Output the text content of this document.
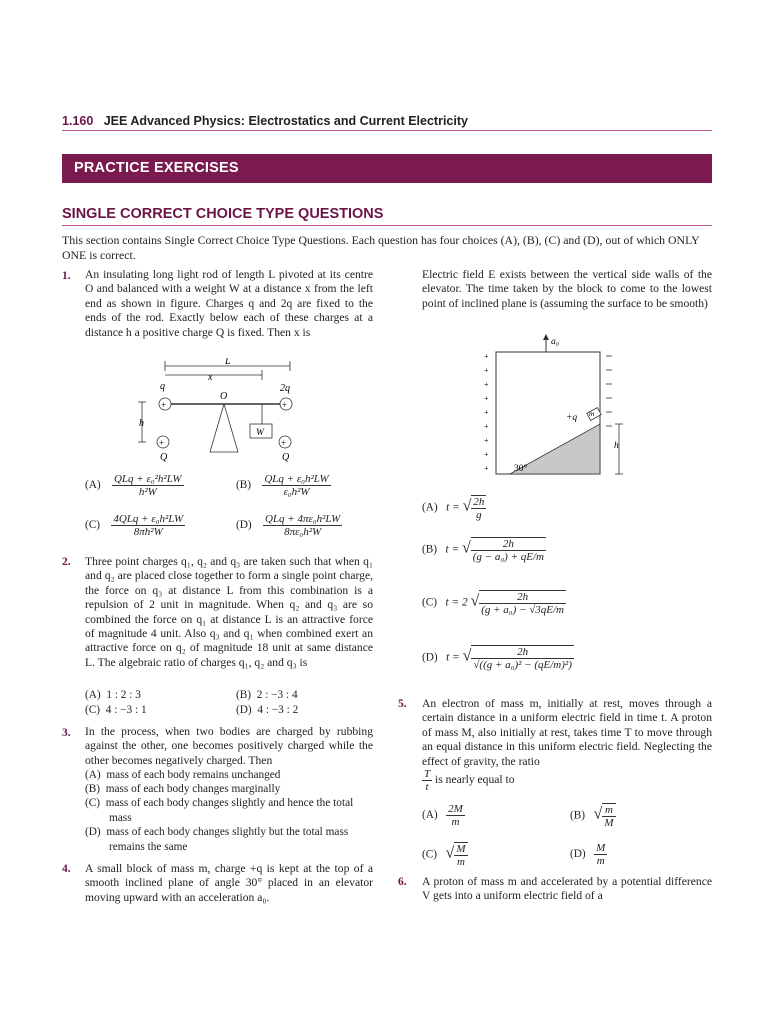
1.160 JEE Advanced Physics: Electrostatics and Current Electricity
PRACTICE EXERCISES
SINGLE CORRECT CHOICE TYPE QUESTIONS
This section contains Single Correct Choice Type Questions. Each question has four choices (A), (B), (C) and (D), out of which ONLY ONE is correct.
1. An insulating long light rod of length L pivoted at its centre O and balanced with a weight W at a distance x from the left end as shown in figure. Charges q and 2q are fixed to the ends of the rod. Exactly below each of these charges at a distance h a positive charge Q is fixed. Then x is
L
x
q	2q
O
+	+
W
h
+	+
Q	Q
$(A) \frac{\text{QLq + ε₀²h²LW}}{\text{h²W}}$	$(B) \frac{\text{QLq + ε₀h²LW}}{\text{ε₀h²W}}$
$(C) \frac{\text{4QLq + ε₀h²LW}}{\text{8πh²W}}$	$(D) \frac{\text{QLq + 4πε₀h²LW}}{\text{8πε₀h²W}}$
2. Three point charges q₁, q₂ and q₃ are taken such that when q₁ and q₂ are placed close together to form a single point charge, the force on q₃ at distance L from this combination is a repulsion of 2 unit in magnitude. When q₂ and q₃ are so combined the force on q₁ at distance L is an attractive force of magnitude 4 unit. Also q₃ and q₁ when combined exert an attractive force on q₂ of magnitude 18 unit at same distance L. The algebraic ratio of charges q₁, q₂ and q₃ is
(A) 1 : 2 : 3	(B) 2 : −3 : 4
(C) 4 : −3 : 1	(D) 4 : −3 : 2
3. In the process, when two bodies are charged by rubbing against the other, one becomes positively charged while the other becomes negatively charged. Then
(A) mass of each body remains unchanged
(B) mass of each body changes marginally
(C) mass of each body changes slightly and hence the total mass
(D) mass of each body changes slightly but the total mass remains the same
4. A small block of mass m, charge +q is kept at the top of a smooth inclined plane of angle 30° placed in an elevator moving upward with an acceleration a₀.
Electric field E exists between the vertical side walls of the elevator. The time taken by the block to come to the lowest point of inclined plane is (assuming the surface to be smooth)
a₀
30°
m
+q
+
+
+
+
+
+
+
+
+
h
(A) t = √ $\frac{2h}{g}$
(B) t = √ $\frac{2h}{\text{(g − a₀) + qE/m}}$
(C) t = 2 √ $\frac{2h}{\text{(g + a₀) − √3qE/m}}$
(D) t = √ $\frac{2h}{\text{√((g + a₀)² − (qE/m)²)}}$
5. An electron of mass m, initially at rest, moves through a certain distance in a uniform electric field in time t. A proton of mass M, also initially at rest, takes time T to move through an equal distance in this uniform electric field. Neglecting the effect of gravity, the ratio
$\frac{T}{t}$ is nearly equal to
$(A) \frac{2M}{m}$	(B) √ $\frac{m}{M}$
(C) √ $\frac{M}{m}$	$(D) \frac{M}{m}$
6. A proton of mass m and accelerated by a potential difference V gets into a uniform electric field of a
